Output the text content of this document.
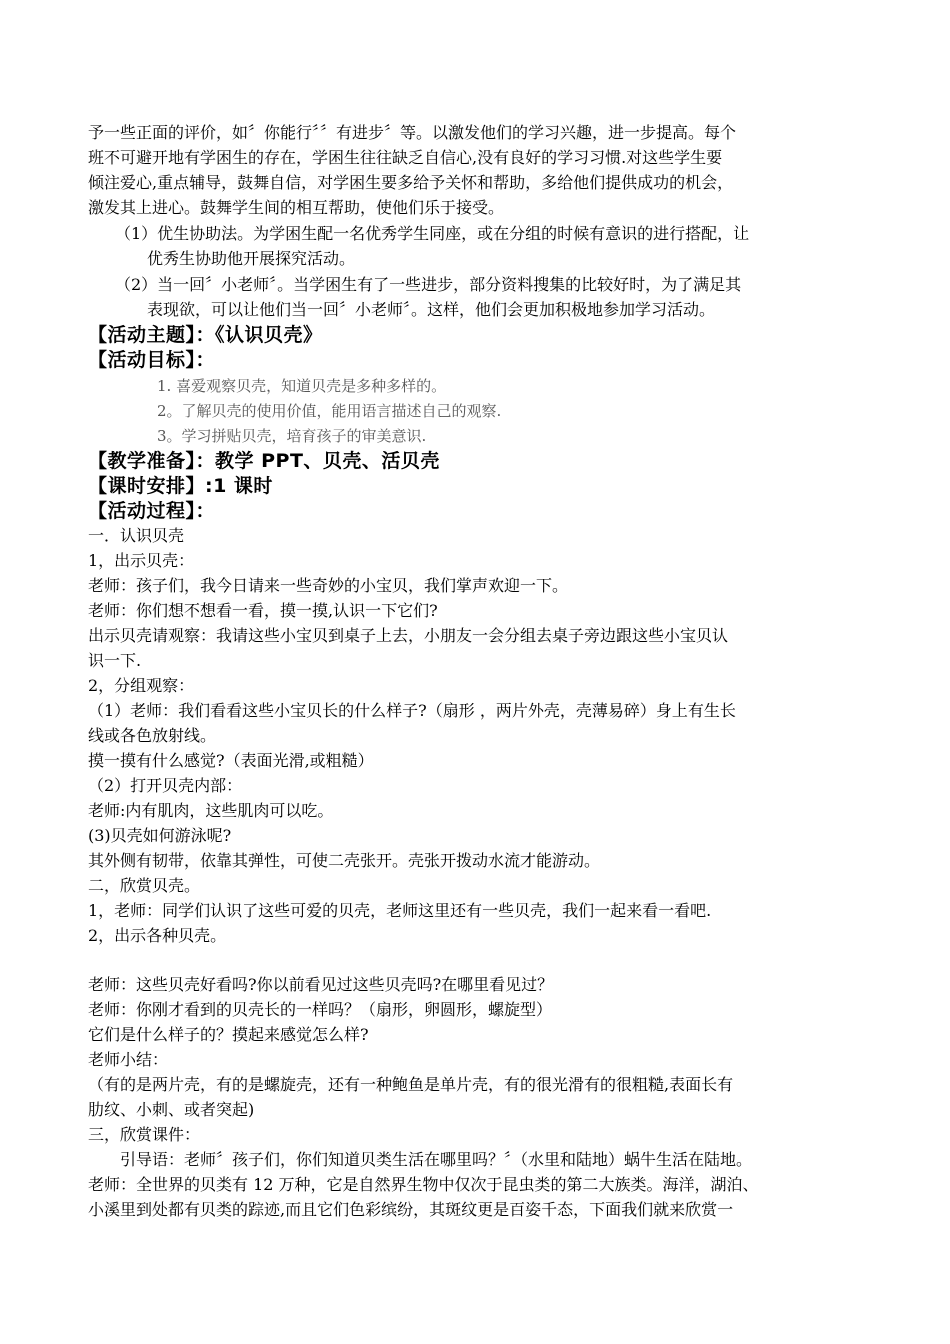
予一些正面的评价，如〞你能行〞〞有进步〞等。以激发他们的学习兴趣，进一步提高。每个
班不可避开地有学困生的存在，学困生往往缺乏自信心,没有良好的学习习惯.对这些学生要
倾注爱心,重点辅导，鼓舞自信，对学困生要多给予关怀和帮助，多给他们提供成功的机会，
激发其上进心。鼓舞学生间的相互帮助，使他们乐于接受。
（1）优生协助法。为学困生配一名优秀学生同座，或在分组的时候有意识的进行搭配，让
优秀生协助他开展探究活动。
（2）当一回〞小老师〞。当学困生有了一些进步，部分资料搜集的比较好时，为了满足其
表现欲，可以让他们当一回〞小老师〞。这样，他们会更加积极地参加学习活动。
【活动主题】：《认识贝壳》
【活动目标】：
1. 喜爱观察贝壳，知道贝壳是多种多样的。
2。了解贝壳的使用价值，能用语言描述自己的观察.
3。学习拼贴贝壳，培育孩子的审美意识.
【教学准备】：教学 PPT、贝壳、活贝壳
【课时安排】:1 课时
【活动过程】：
一．认识贝壳
1，出示贝壳：
老师：孩子们，我今日请来一些奇妙的小宝贝，我们掌声欢迎一下。
老师：你们想不想看一看，摸一摸,认识一下它们?
出示贝壳请观察：我请这些小宝贝到桌子上去，小朋友一会分组去桌子旁边跟这些小宝贝认
识一下.
2，分组观察：
（1）老师：我们看看这些小宝贝长的什么样子?（扇形 ，两片外壳，壳薄易碎）身上有生长
线或各色放射线。
摸一摸有什么感觉?（表面光滑,或粗糙）
（2）打开贝壳内部：
老师:内有肌肉，这些肌肉可以吃。
(3)贝壳如何游泳呢?
其外侧有韧带，依靠其弹性，可使二壳张开。壳张开拨动水流才能游动。
二，欣赏贝壳。
1，老师：同学们认识了这些可爱的贝壳，老师这里还有一些贝壳，我们一起来看一看吧.
2，出示各种贝壳。
老师：这些贝壳好看吗?你以前看见过这些贝壳吗?在哪里看见过？
老师：你刚才看到的贝壳长的一样吗？（扇形，卵圆形，螺旋型）
它们是什么样子的？摸起来感觉怎么样?
老师小结：
（有的是两片壳，有的是螺旋壳，还有一种鲍鱼是单片壳，有的很光滑有的很粗糙,表面长有
肋纹、小刺、或者突起)
三，欣赏课件：
引导语：老师〞孩子们，你们知道贝类生活在哪里吗？〞（水里和陆地）蜗牛生活在陆地。
老师：全世界的贝类有 12 万种，它是自然界生物中仅次于昆虫类的第二大族类。海洋，湖泊、
小溪里到处都有贝类的踪迹,而且它们色彩缤纷，其斑纹更是百姿千态，下面我们就来欣赏一
